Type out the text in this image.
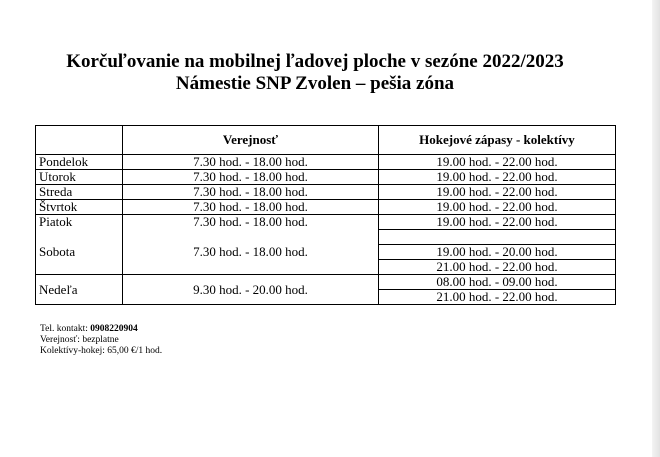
Korčuľovanie na mobilnej ľadovej ploche v sezóne 2022/2023

Námestie SNP Zvolen – pešia zóna

	Verejnosť	Hokejové zápasy - kolektívy
Pondelok	7.30 hod. - 18.00 hod.	19.00 hod. - 22.00 hod.
Utorok	7.30 hod. - 18.00 hod.	19.00 hod. - 22.00 hod.
Streda	7.30 hod. - 18.00 hod.	19.00 hod. - 22.00 hod.
Štvrtok	7.30 hod. - 18.00 hod.	19.00 hod. - 22.00 hod.
Piatok	7.30 hod. - 18.00 hod.	19.00 hod. - 22.00 hod.
Sobota	7.30 hod. - 18.00 hod.	
		19.00 hod. - 20.00 hod.
		21.00 hod. - 22.00 hod.
Nedeľa	9.30 hod. - 20.00 hod.	08.00 hod. - 09.00 hod.
		21.00 hod. - 22.00 hod.
Tel. kontakt: 0908220904
Verejnosť: bezplatne
Kolektívy-hokej: 65,00 €/1 hod.
